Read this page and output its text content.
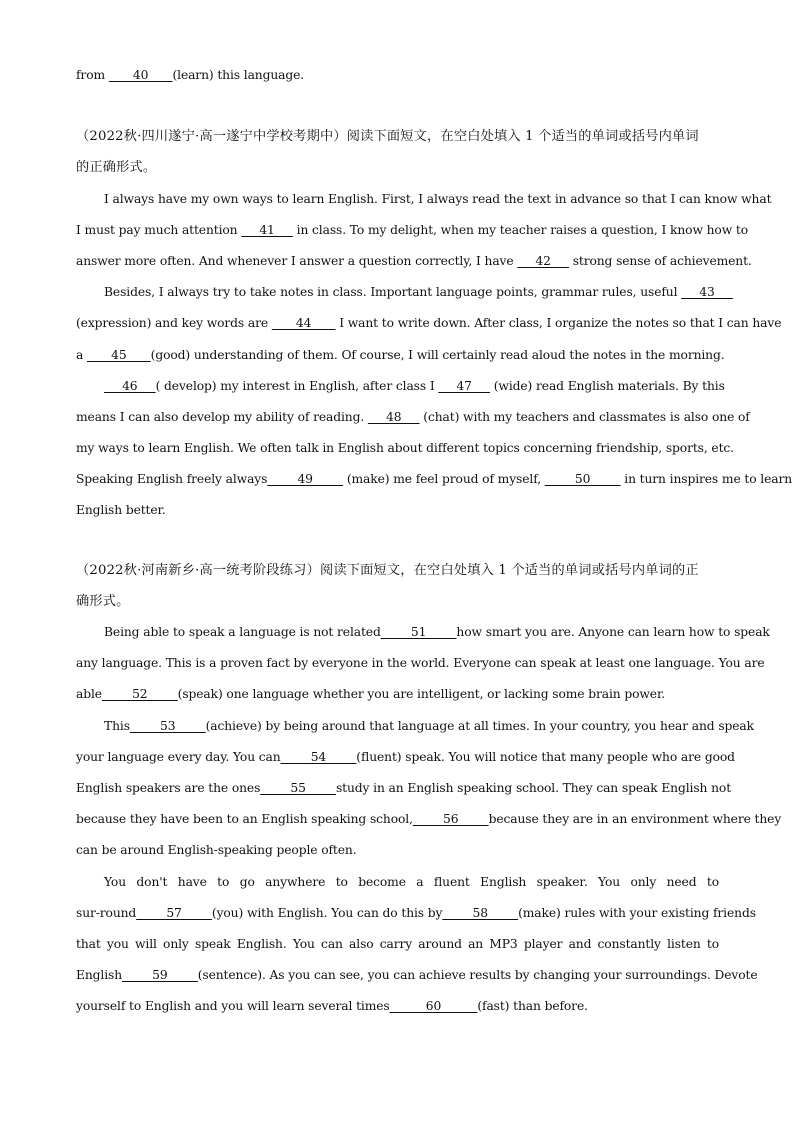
from ____40____(learn) this language.
（2022秋·四川遂宁·高一遂宁中学校考期中）阅读下面短文，在空白处填入 1 个适当的单词或括号内单词
的正确形式。
I always have my own ways to learn English. First, I always read the text in advance so that I can know what
I must pay much attention ___41___ in class. To my delight, when my teacher raises a question, I know how to
answer more often. And whenever I answer a question correctly, I have ___42___ strong sense of achievement.
Besides, I always try to take notes in class. Important language points, grammar rules, useful ___43___
(expression) and key words are ____44____ I want to write down. After class, I organize the notes so that I can have
a ____45____(good) understanding of them. Of course, I will certainly read aloud the notes in the morning.
___46___( develop) my interest in English, after class I ___47___ (wide) read English materials. By this
means I can also develop my ability of reading. ___48___ (chat) with my teachers and classmates is also one of
my ways to learn English. We often talk in English about different topics concerning friendship, sports, etc.
Speaking English freely always_____49_____ (make) me feel proud of myself, _____50_____ in turn inspires me to learn
English better.
（2022秋·河南新乡·高一统考阶段练习）阅读下面短文，在空白处填入 1 个适当的单词或括号内单词的正
确形式。
Being able to speak a language is not related_____51_____how smart you are. Anyone can learn how to speak
any language. This is a proven fact by everyone in the world. Everyone can speak at least one language. You are
able_____52_____(speak) one language whether you are intelligent, or lacking some brain power.
This_____53_____(achieve) by being around that language at all times. In your country, you hear and speak
your language every day. You can_____54_____(fluent) speak. You will notice that many people who are good
English speakers are the ones_____55_____study in an English speaking school. They can speak English not
because they have been to an English speaking school,_____56_____because they are in an environment where they
can be around English-speaking people often.
You don't have to go anywhere to become a fluent English speaker. You only need to
sur-round_____57_____(you) with English. You can do this by_____58_____(make) rules with your existing friends
that you will only speak English. You can also carry around an MP3 player and constantly listen to
English_____59_____(sentence). As you can see, you can achieve results by changing your surroundings. Devote
yourself to English and you will learn several times______60______(fast) than before.
